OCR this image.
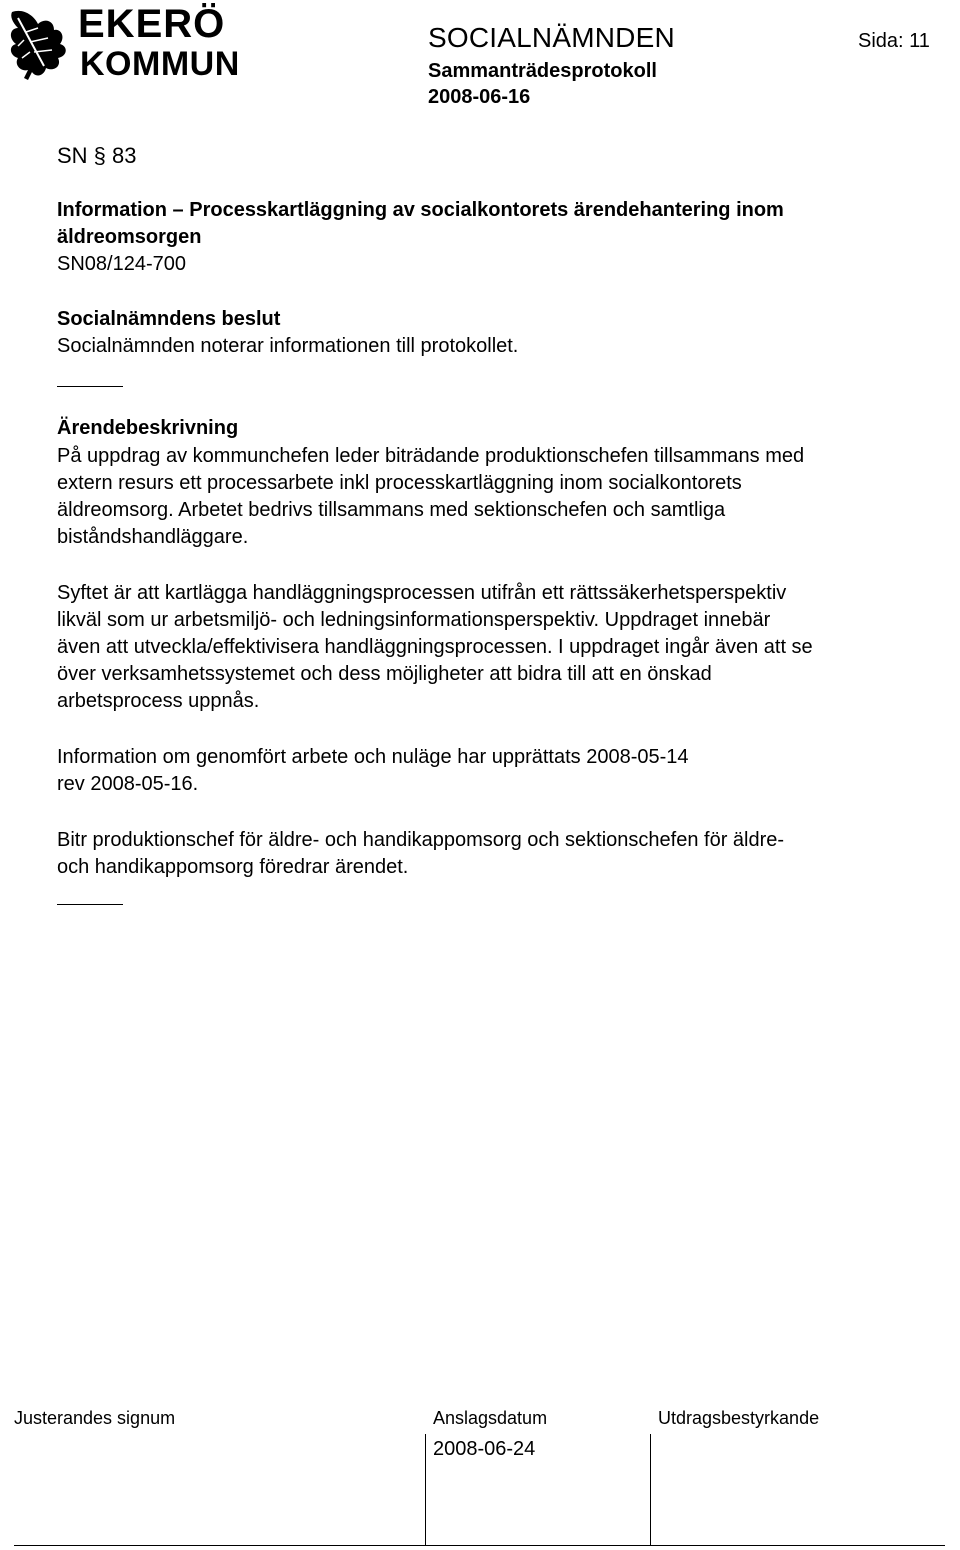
EKERÖ
KOMMUN
SOCIALNÄMNDEN	Sida: 11
Sammanträdesprotokoll
2008-06-16
SN § 83
Information – Processkartläggning av socialkontorets ärendehantering inom
äldreomsorgen
SN08/124-700
Socialnämndens beslut
Socialnämnden noterar informationen till protokollet.
Ärendebeskrivning
På uppdrag av kommunchefen leder biträdande produktionschefen tillsammans med
extern resurs ett processarbete inkl processkartläggning inom socialkontorets
äldreomsorg. Arbetet bedrivs tillsammans med sektionschefen och samtliga
biståndshandläggare.
Syftet är att kartlägga handläggningsprocessen utifrån ett rättssäkerhetsperspektiv
likväl som ur arbetsmiljö- och ledningsinformationsperspektiv. Uppdraget innebär
även att utveckla/effektivisera handläggningsprocessen. I uppdraget ingår även att se
över verksamhetssystemet och dess möjligheter att bidra till att en önskad
arbetsprocess uppnås.
Information om genomfört arbete och nuläge har upprättats 2008-05-14
rev 2008-05-16.
Bitr produktionschef för äldre- och handikappomsorg och sektionschefen för äldre-
och handikappomsorg föredrar ärendet.
Justerandes signum	Anslagsdatum
2008-06-24
Utdragsbestyrkande
